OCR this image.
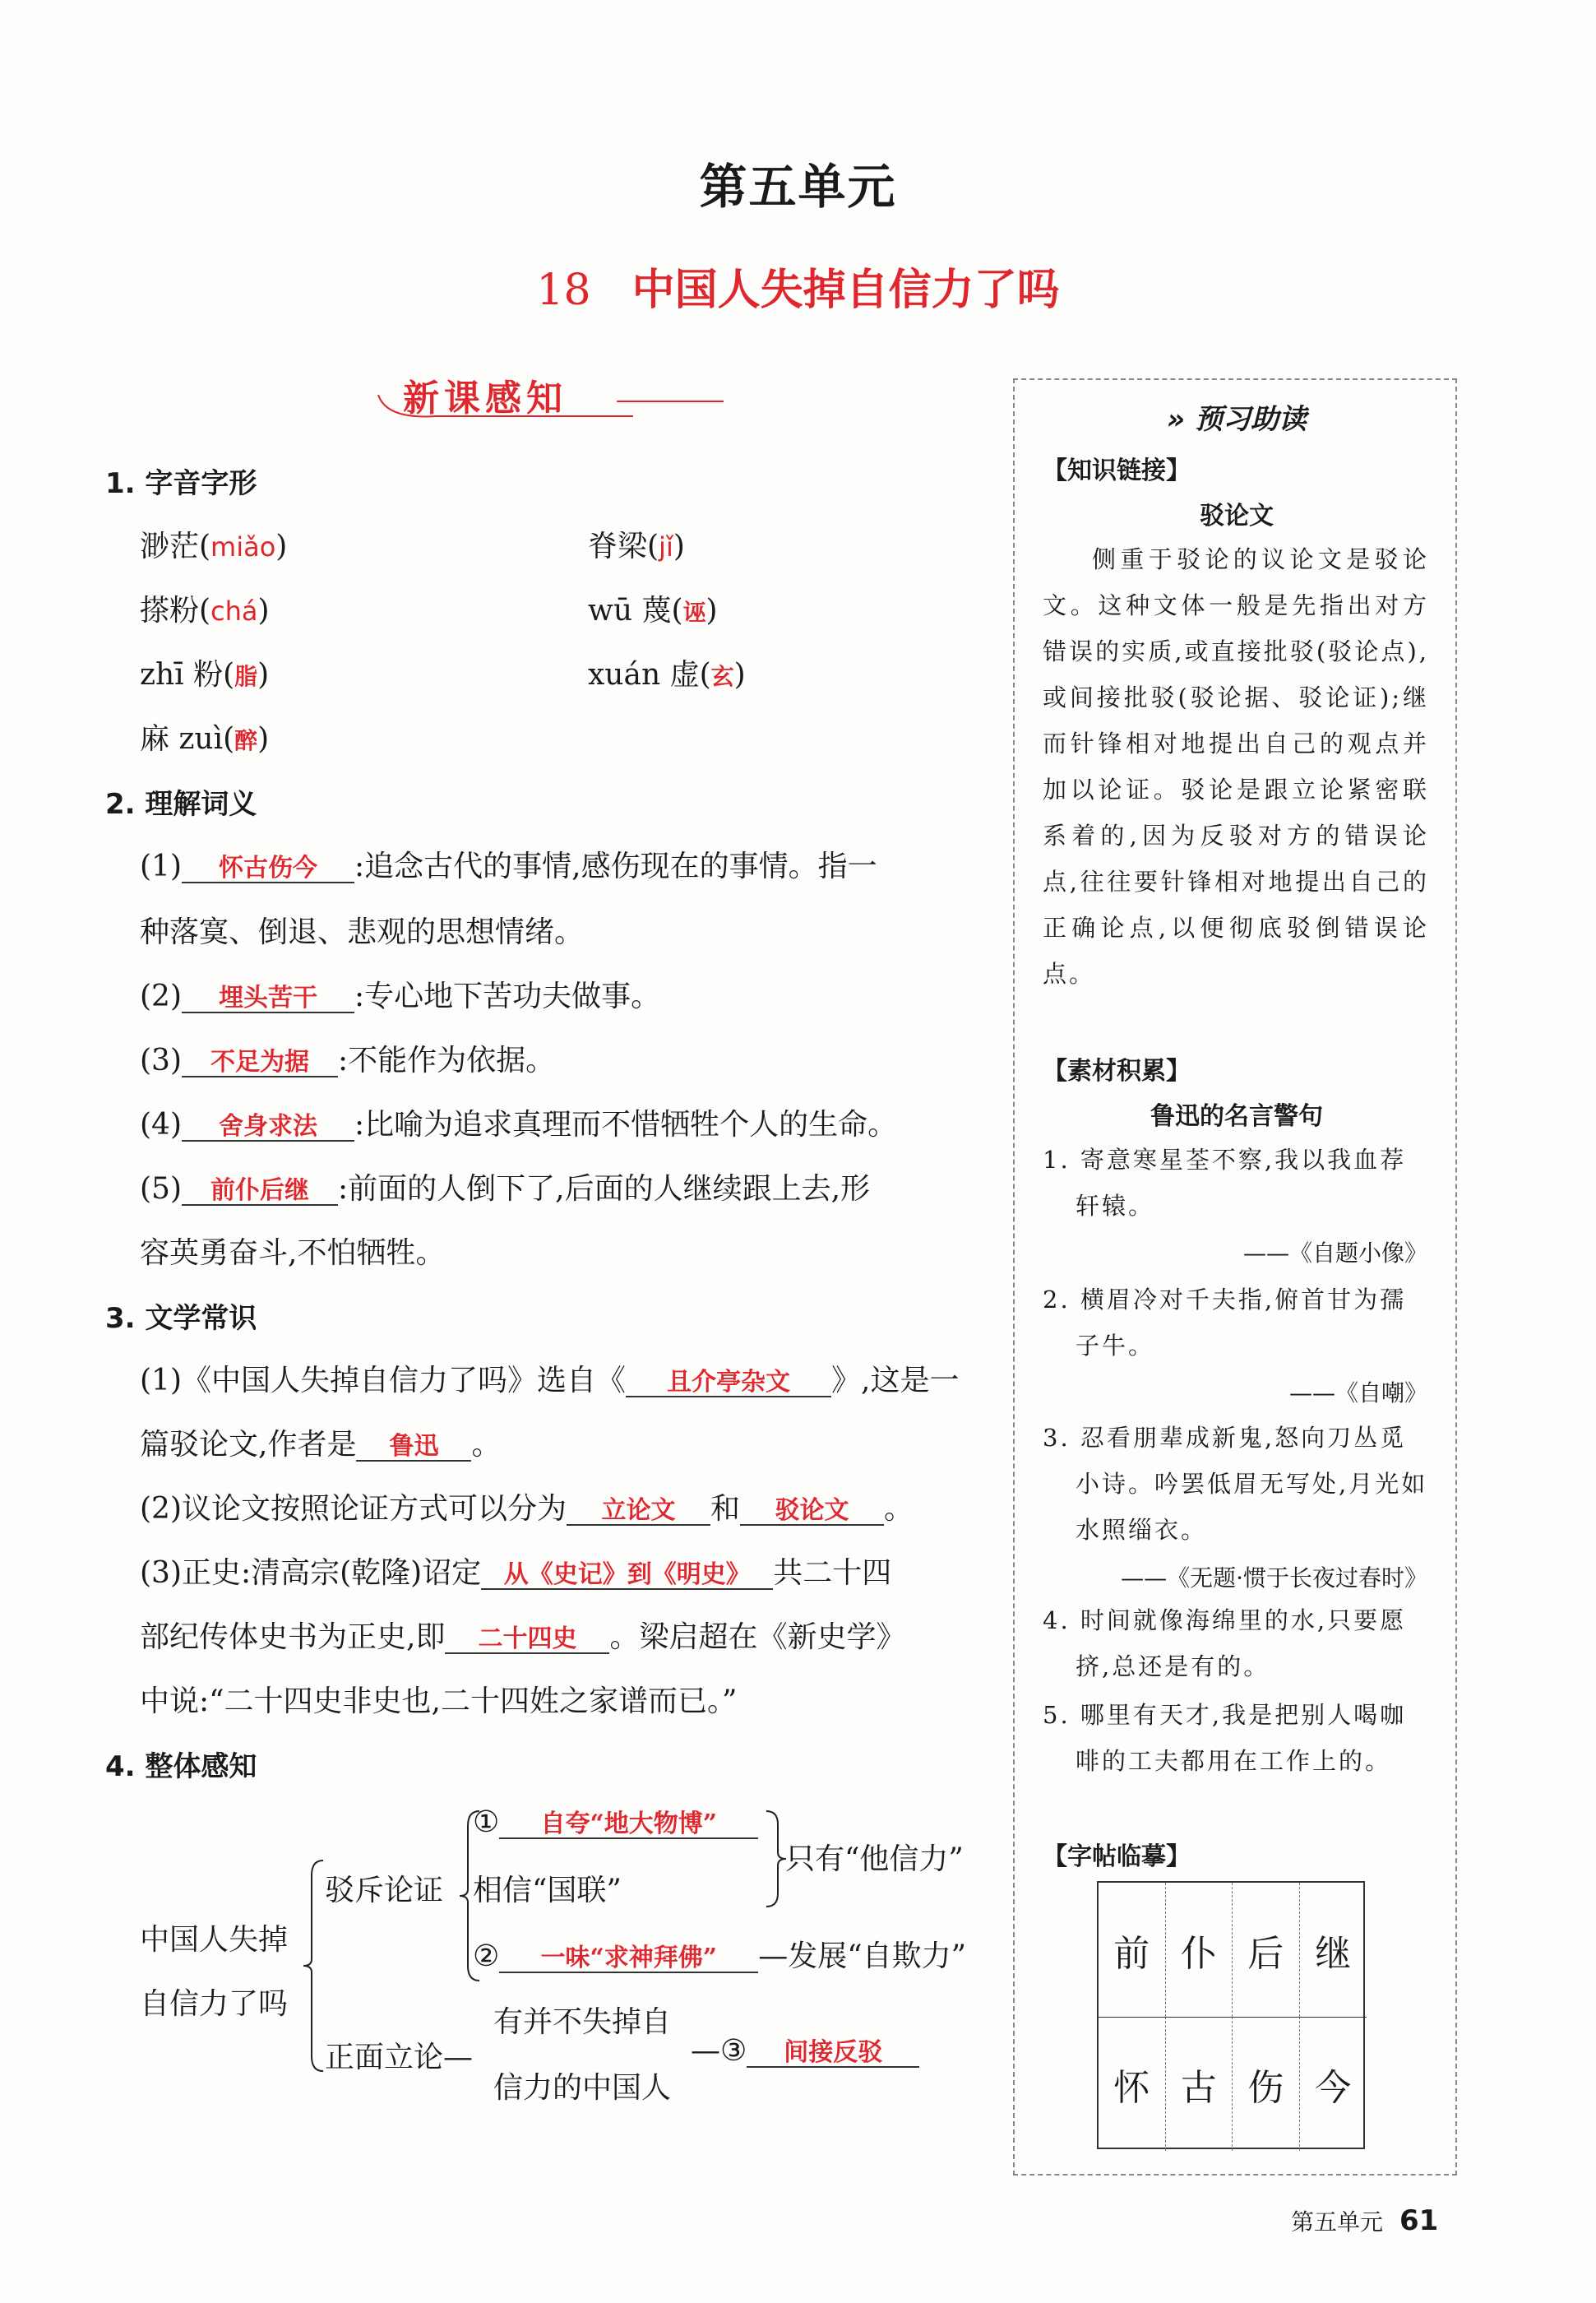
第五单元
18 中国人失掉自信力了吗
新课感知
1. 字音字形
渺茫(miǎo)	脊梁(jǐ)
搽粉(chá)	wū 蔑(诬)
zhī 粉(脂)	xuán 虚(玄)
麻 zuì(醉)
2. 理解词义
(1) 怀古伤今 :追念古代的事情,感伤现在的事情。指一
种落寞、倒退、悲观的思想情绪。
(2) 埋头苦干 :专心地下苦功夫做事。
(3) 不足为据 :不能作为依据。
(4) 舍身求法 :比喻为追求真理而不惜牺牲个人的生命。
(5) 前仆后继 :前面的人倒下了,后面的人继续跟上去,形
容英勇奋斗,不怕牺牲。
3. 文学常识
(1)《中国人失掉自信力了吗》选自《 且介亭杂文 》,这是一
篇驳论文,作者是 鲁迅 。
(2)议论文按照论证方式可以分为 立论文 和 驳论文 。
(3)正史:清高宗(乾隆)诏定 从《史记》到《明史》 共二十四
部纪传体史书为正史,即 二十四史 。梁启超在《新史学》
中说:“二十四史非史也,二十四姓之家谱而已。”
4. 整体感知
中国人失掉
自信力了吗
驳斥论证
① 自夸“地大物博”
相信“国联”
② 一味“求神拜佛” —发展“自欺力”
只有“他信力”
正面立论—
有并不失掉自
信力的中国人
—③ 间接反驳
» 预习助读
【知识链接】
驳论文
侧重于驳论的议论文是驳论文。这种文体一般是先指出对方错误的实质,或直接批驳(驳论点),或间接批驳(驳论据、驳论证);继而针锋相对地提出自己的观点并加以论证。驳论是跟立论紧密联系着的,因为反驳对方的错误论点,往往要针锋相对地提出自己的正确论点,以便彻底驳倒错误论点。
【素材积累】
鲁迅的名言警句
1. 寄意寒星荃不察,我以我血荐轩辕。
——《自题小像》
2. 横眉冷对千夫指,俯首甘为孺子牛。
——《自嘲》
3. 忍看朋辈成新鬼,怒向刀丛觅小诗。吟罢低眉无写处,月光如水照缁衣。
——《无题·惯于长夜过春时》
4. 时间就像海绵里的水,只要愿挤,总还是有的。
5. 哪里有天才,我是把别人喝咖啡的工夫都用在工作上的。
【字帖临摹】
前 仆 后 继
怀 古 伤 今
第五单元 61
